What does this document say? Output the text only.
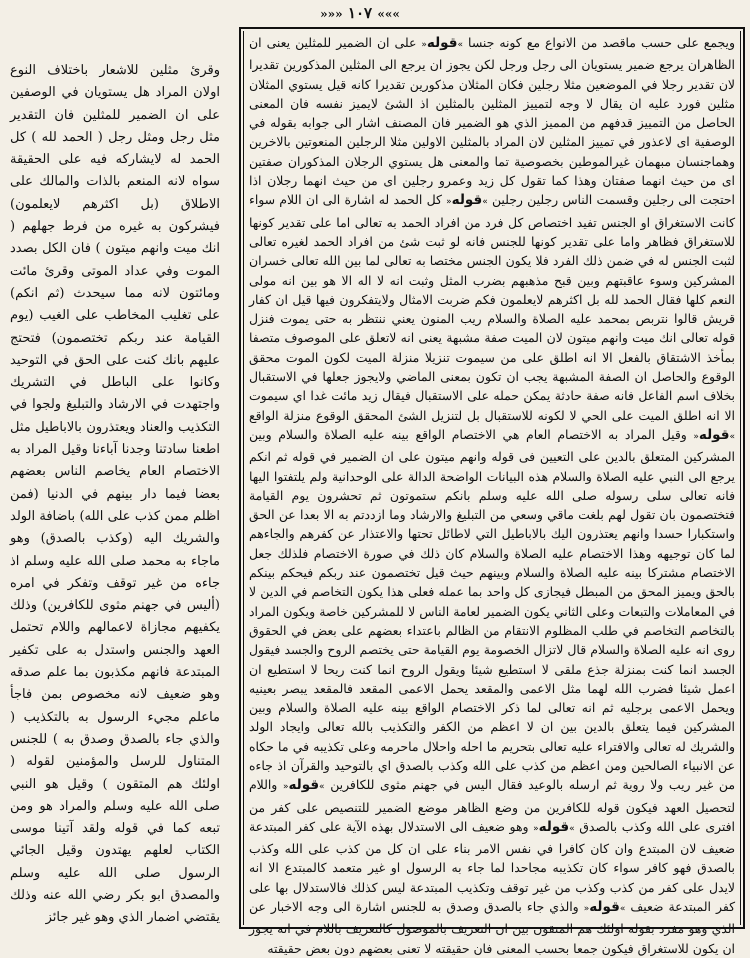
»»» ١٠٧ «««

ويجمع على حسب ماقصد من الانواع مع كونه جنسا »قوله« على ان الضمير للمثلين يعنى ان الظاهران يرجع ضمير يستويان الى رجل ورجل لكن يجوز ان يرجع الى المثلين المذكورين تقديرا لان تقدير رجلا في الموضعين مثلا رجلين فكان المثلان مذكورين تقديرا كانه قيل يستوي المثلان مثلين فورد عليه ان يقال لا وجه لتمييز المثلين بالمثلين اذ الشئ لايميز نفسه فان المعنى الحاصل من التمييز قدفهم من المميز الذي هو الضمير فان المصنف اشار الى جوابه بقوله في الوصفية اى لاعذور في تمييز المثلين لان المراد بالمثلين الاولين مثلا الرجلين المنعوتين بالاخرين وهماجنسان مبهمان غيرالموطين بخصوصية تما والمعنى هل يستوي الرجلان المذكوران صفتين اى من حيث انهما صفتان وهذا كما تقول كل زيد وعمرو رجلين اى من حيث انهما رجلان اذا احتجت الى رجلين وقسمت الناس رجلين رجلين »قوله« كل الحمد له اشارة الى ان اللام سواء كانت الاستغراق او الجنس تفيد اختصاص كل فرد من افراد الحمد به تعالى اما على تقدير كونها للاستغراق فظاهر واما على تقدير كونها للجنس فانه لو ثبت شئ من افراد الحمد لغيره تعالى لثبت الجنس له في ضمن ذلك الفرد فلا يكون الجنس مختصا به تعالى لما بين الله تعالى خسران المشركين وسوء عاقبتهم وبين قبح مذهبهم بضرب المثل وثبت انه لا اله الا هو بين انه مولى النعم كلها فقال الحمد لله بل اكثرهم لايعلمون فكم ضربت الامثال ولايتفكرون فيها قيل ان كفار قريش قالوا نتربص بمحمد عليه الصلاة والسلام ريب المنون يعني ننتظر به حتى يموت فنزل قوله تعالى انك ميت وانهم ميتون لان الميت صفة مشبهة يعنى انه لاتعلق على الموصوف متصفا بمأخذ الاشتقاق بالفعل الا انه اطلق على من سيموت تنزيلا منزلة الميت لكون الموت محقق الوقوع والحاصل ان الصفة المشبهة يجب ان تكون بمعنى الماضي ولايجوز جعلها في الاستقبال بخلاف اسم الفاعل فانه صفة حادثة يمكن حمله على الاستقبال فيقال زيد مائت غدا اي سيموت الا انه اطلق الميت على الحي لا لكونه للاستقبال بل لتنزيل الشئ المحقق الوقوع منزلة الواقع »قوله« وقيل المراد به الاختصام العام هي الاختصام الواقع بينه عليه الصلاة والسلام وبين المشركين المتعلق بالدين على التعيين فى قوله وانهم ميتون على ان الضمير في قوله ثم انكم يرجع الى النبي عليه الصلاة والسلام هذه البيانات الواضحة الدالة على الوحدانية ولم يلتفتوا اليها فانه تعالى سلى رسوله صلى الله عليه وسلم بانكم ستموتون ثم تحشرون يوم القيامة فتختصمون بان تقول لهم بلغت ماقي وسعي من التبليغ والارشاد وما ازددتم به الا بعدا عن الحق واستكبارا حسدا وانهم يعتذرون اليك بالاباطيل التي لاطائل تحتها والاعتذار عن كفرهم والجاءهم لما كان توجيهه وهذا الاختصام عليه الصلاة والسلام كان ذلك في صورة الاختصام فلذلك جعل الاختصام مشتركا بينه عليه الصلاة والسلام وبينهم حيث قيل تختصمون عند ربكم فيحكم بينكم بالحق ويميز المحق من المبطل فيجازى كل واحد بما عمله فعلى هذا يكون التخاصم في الدين لا في المعاملات والتبعات وعلى الثاني يكون الضمير لعامة الناس لا للمشركين خاصة ويكون المراد بالتخاصم التخاصم في طلب المظلوم الانتقام من الظالم باعتداء بعضهم على بعض في الحقوق روى انه عليه الصلاة والسلام قال لاتزال الخصومة يوم القيامة حتى يختصم الروح والجسد فيقول الجسد انما كنت بمنزلة جذع ملقى لا استطيع شيئا ويقول الروح انما كنت ريحا لا استطيع ان اعمل شيئا فضرب الله لهما مثل الاعمى والمقعد يحمل الاعمى المقعد فالمقعد يبصر بعينيه ويحمل الاعمى برجليه ثم انه تعالى لما ذكر الاختصام الواقع بينه عليه الصلاة والسلام وبين المشركين فيما يتعلق بالدين بين ان لا اعظم من الكفر والتكذيب بالله تعالى وايجاد الولد والشريك له تعالى والافتراء عليه تعالى بتحريم ما احله واحلال ماحرمه وعلى تكذيبه في ما حكاه عن الانبياء الصالحين ومن اعظم من كذب على الله وكذب بالصدق اي بالتوحيد والقرآن اذ جاءه من غير ريب ولا روية ثم ارسله بالوعيد فقال اليس في جهنم مثوى للكافرين »قوله« واللام لتحصيل العهد فيكون قوله للكافرين من وضع الظاهر موضع الضمير للتنصيص على كفر من افترى على الله وكذب بالصدق »قوله« وهو ضعيف الى الاستدلال بهذه الآية على كفر المبتدعة ضعيف لان المبتدع وان كان كافرا في نفس الامر بناء على ان كل من كذب على الله وكذب بالصدق فهو كافر سواء كان تكذيبه مجاحدا لما جاء به الرسول او غير متعمد كالمبتدع الا انه لايدل على كفر من كذب وكذب من غير توقف وتكذيب المبتدعة ليس كذلك فالاستدلال بها على كفر المبتدعة ضعيف »قوله« والذي جاء بالصدق وصدق به للجنس اشارة الى وجه الاخبار عن الذي وهو مفرد بقوله اولئك هم المتقون بين ان التعريف بالموصول كالتعريف باللام في انه يجوز ان يكون للاستغراق فيكون جمعا بحسب المعنى فان حقيقته لا تعنى بعضهم دون بعض حقيقته

وقرئ مثلين للاشعار باختلاف النوع اولان المراد هل يستويان في الوصفين على ان الضمير للمثلين فان التقدير مثل رجل ومثل رجل ( الحمد لله ) كل الحمد له لايشاركه فيه على الحقيقة سواه لانه المنعم بالذات والمالك على الاطلاق (بل اكثرهم لايعلمون) فيشركون به غيره من فرط جهلهم ( انك ميت وانهم ميتون ) فان الكل بصدد الموت وفي عداد الموتى وقرئ مائت ومائتون لانه مما سيحدث (ثم انكم) على تغليب المخاطب على الغيب (يوم القيامة عند ربكم تختصمون) فتحتج عليهم بانك كنت على الحق في التوحيد وكانوا على الباطل في التشريك واجتهدت في الارشاد والتبليغ ولجوا في التكذيب والعناد ويعتذرون بالاباطيل مثل اطعنا سادتنا وجدنا آباءنا وقيل المراد به الاختصام العام يخاصم الناس بعضهم بعضا فيما دار بينهم في الدنيا (فمن اظلم ممن كذب على الله) باضافة الولد والشريك اليه (وكذب بالصدق) وهو ماجاء به محمد صلى الله عليه وسلم اذ جاءه من غير توقف وتفكر في امره (أليس في جهنم مثوى للكافرين) وذلك يكفيهم مجازاة لاعمالهم واللام تحتمل العهد والجنس واستدل به على تكفير المبتدعة فانهم مكذبون بما علم صدقه وهو ضعيف لانه مخصوص بمن فاجأ ماعلم مجيء الرسول به بالتكذيب ( والذي جاء بالصدق وصدق به ) للجنس المتناول للرسل والمؤمنين لقوله ( اولئك هم المتقون ) وقيل هو النبي صلى الله عليه وسلم والمراد هو ومن تبعه كما في قوله ولقد آتينا موسى الكتاب لعلهم يهتدون وقيل الجائي الرسول صلى الله عليه وسلم والمصدق ابو بكر رضي الله عنه وذلك يقتضي اضمار الذي وهو غير جائز
